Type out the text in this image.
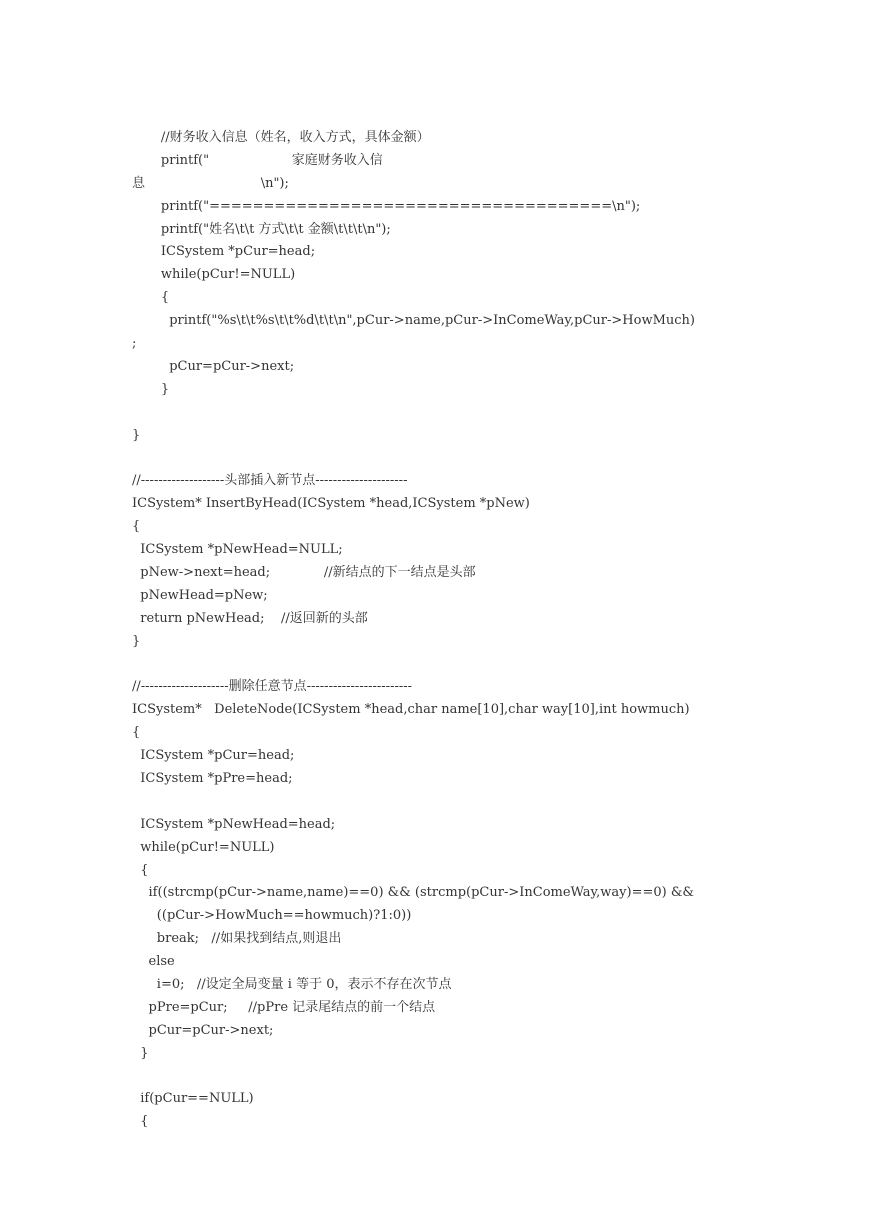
//财务收入信息（姓名，收入方式，具体金额）
printf("                    家庭财务收入信
息                            \n");
printf("=====================================\n");
printf("姓名\t\t 方式\t\t 金额\t\t\t\n");
ICSystem *pCur=head;
while(pCur!=NULL)
{
printf("%s\t\t%s\t\t%d\t\t\n",pCur->name,pCur->InComeWay,pCur->HowMuch)
;
pCur=pCur->next;
}
}
//-------------------头部插入新节点---------------------
ICSystem* InsertByHead(ICSystem *head,ICSystem *pNew)
{
ICSystem *pNewHead=NULL;
pNew->next=head;             //新结点的下一结点是头部
pNewHead=pNew;
return pNewHead;    //返回新的头部
}
//--------------------删除任意节点------------------------
ICSystem*   DeleteNode(ICSystem *head,char name[10],char way[10],int howmuch)
{
ICSystem *pCur=head;
ICSystem *pPre=head;
ICSystem *pNewHead=head;
while(pCur!=NULL)
{
if((strcmp(pCur->name,name)==0) && (strcmp(pCur->InComeWay,way)==0) &&
((pCur->HowMuch==howmuch)?1:0))
break;   //如果找到结点,则退出
else
i=0;   //设定全局变量 i 等于 0，表示不存在次节点
pPre=pCur;     //pPre 记录尾结点的前一个结点
pCur=pCur->next;
}
if(pCur==NULL)
{
